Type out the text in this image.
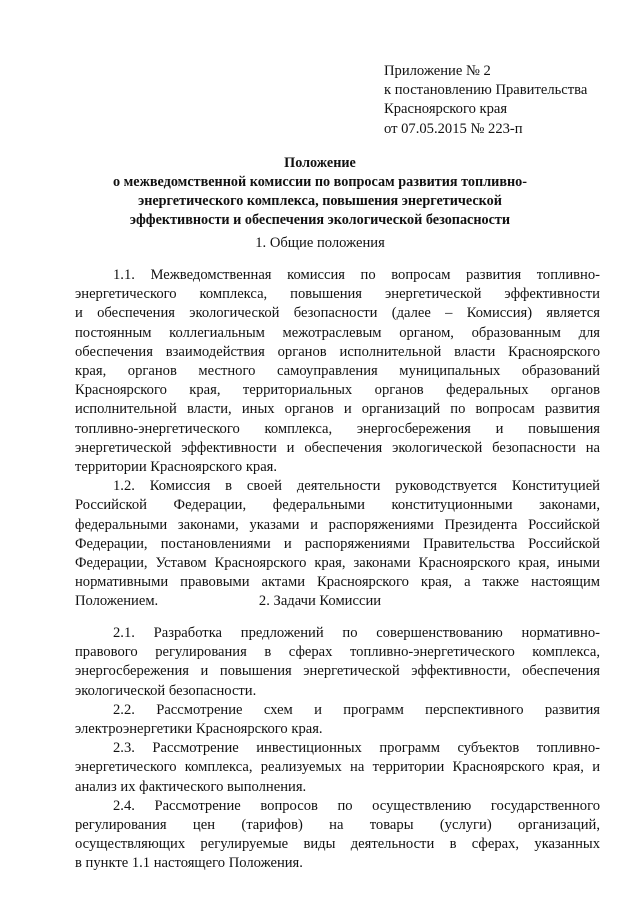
Приложение № 2
к постановлению Правительства
Красноярского края
от 07.05.2015 № 223-п
Положение
о межведомственной комиссии по вопросам развития топливно-
энергетического комплекса, повышения энергетической
эффективности и обеспечения экологической безопасности
1. Общие положения
1.1. Межведомственная комиссия по вопросам развития топливно-
энергетического комплекса, повышения энергетической эффективности
и обеспечения экологической безопасности (далее – Комиссия) является
постоянным коллегиальным межотраслевым органом, образованным для
обеспечения взаимодействия органов исполнительной власти Красноярского
края, органов местного самоуправления муниципальных образований
Красноярского края, территориальных органов федеральных органов
исполнительной власти, иных органов и организаций по вопросам развития
топливно-энергетического комплекса, энергосбережения и повышения
энергетической эффективности и обеспечения экологической безопасности на
территории Красноярского края.
1.2. Комиссия в своей деятельности руководствуется Конституцией
Российской Федерации, федеральными конституционными законами,
федеральными законами, указами и распоряжениями Президента Российской
Федерации, постановлениями и распоряжениями Правительства Российской
Федерации, Уставом Красноярского края, законами Красноярского края, иными
нормативными правовыми актами Красноярского края, а также настоящим
Положением.	2. Задачи Комиссии
2.1. Разработка предложений по совершенствованию нормативно-
правового регулирования в сферах топливно-энергетического комплекса,
энергосбережения и повышения энергетической эффективности, обеспечения
экологической безопасности.
2.2. Рассмотрение схем и программ перспективного развития
электроэнергетики Красноярского края.
2.3. Рассмотрение инвестиционных программ субъектов топливно-
энергетического комплекса, реализуемых на территории Красноярского края, и
анализ их фактического выполнения.
2.4. Рассмотрение вопросов по осуществлению государственного
регулирования цен (тарифов) на товары (услуги) организаций,
осуществляющих регулируемые виды деятельности в сферах, указанных
в пункте 1.1 настоящего Положения.
